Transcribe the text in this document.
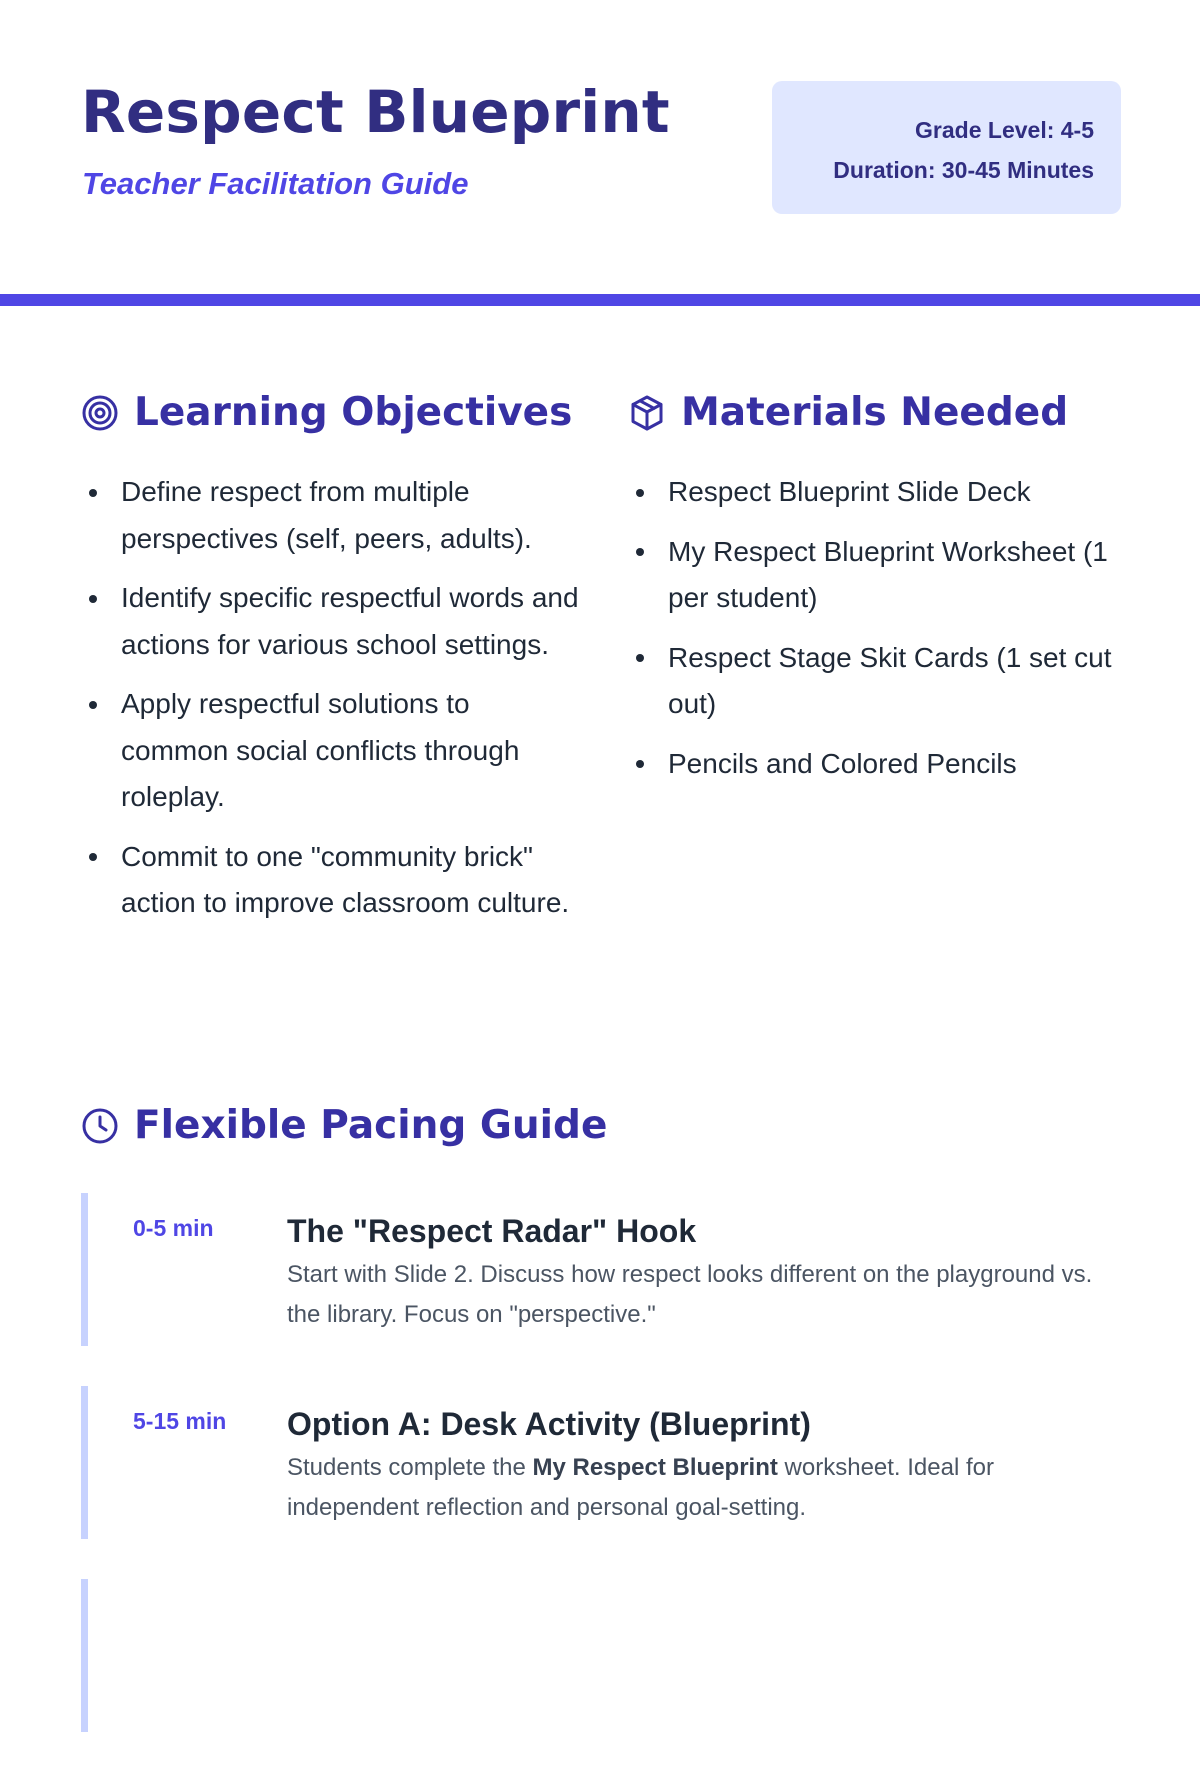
Respect Blueprint

Teacher Facilitation Guide

Grade Level: 4-5
Duration: 30-45 Minutes
Learning Objectives
Define respect from multiple perspectives (self, peers, adults).
Identify specific respectful words and actions for various school settings.
Apply respectful solutions to common social conflicts through roleplay.
Commit to one "community brick" action to improve classroom culture.
Materials Needed
Respect Blueprint Slide Deck
My Respect Blueprint Worksheet (1 per student)
Respect Stage Skit Cards (1 set cut out)
Pencils and Colored Pencils
Flexible Pacing Guide
0-5 min The "Respect Radar" Hook

Start with Slide 2. Discuss how respect looks different on the playground vs. the library. Focus on "perspective."

5-15 min Option A: Desk Activity (Blueprint)

Students complete the My Respect Blueprint worksheet. Ideal for independent reflection and personal goal-setting.
